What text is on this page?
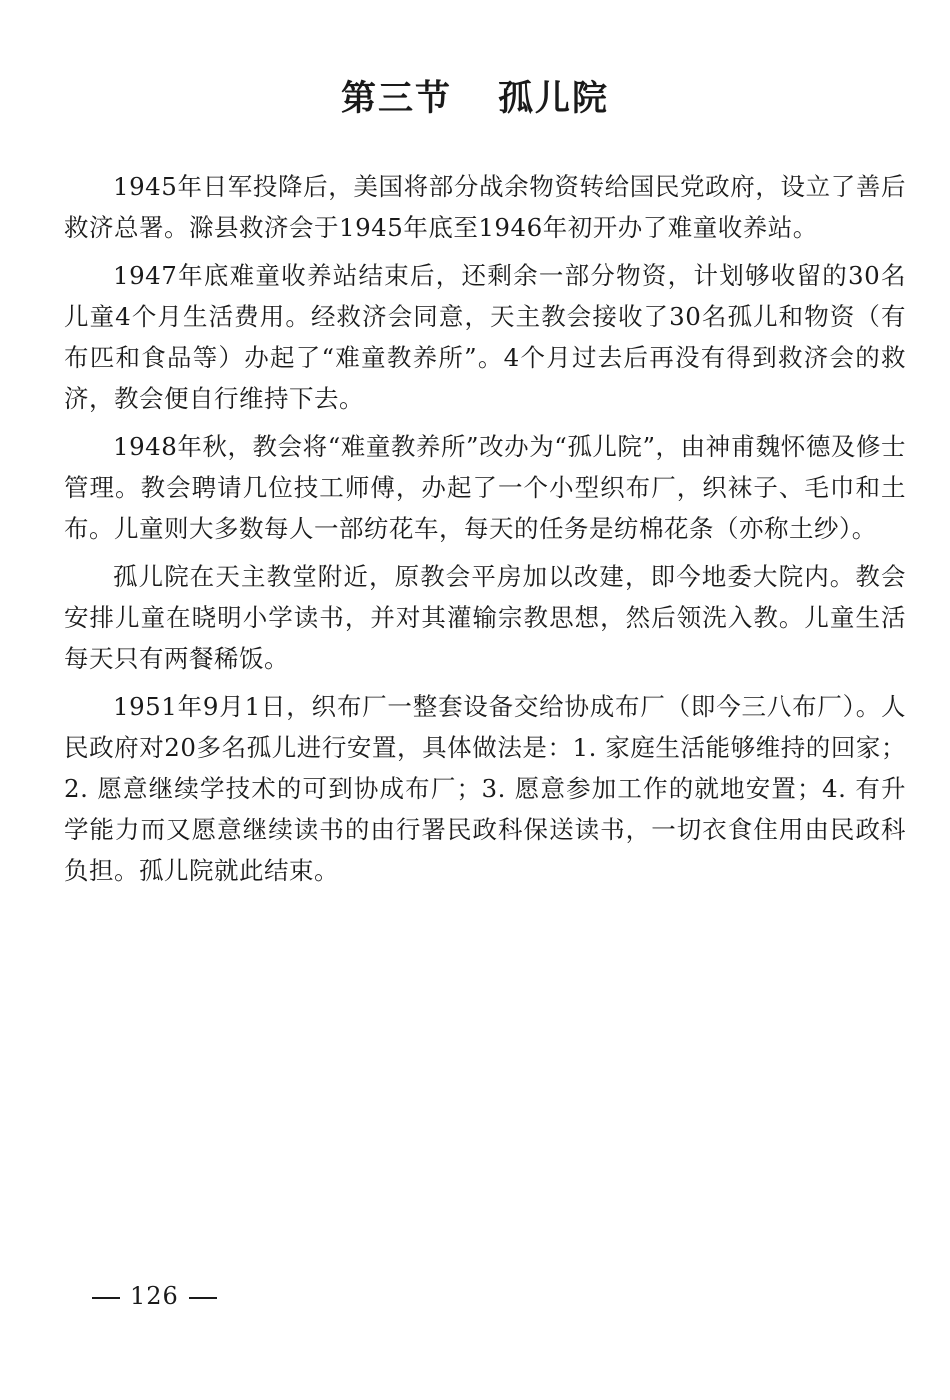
第三节 孤儿院

1945年日军投降后，美国将部分战余物资转给国民党政府，设立了善后救济总署。滁县救济会于1945年底至1946年初开办了难童收养站。

1947年底难童收养站结束后，还剩余一部分物资，计划够收留的30名儿童4个月生活费用。经救济会同意，天主教会接收了30名孤儿和物资（有布匹和食品等）办起了“难童教养所”。4个月过去后再没有得到救济会的救济，教会便自行维持下去。

1948年秋，教会将“难童教养所”改办为“孤儿院”，由神甫魏怀德及修士管理。教会聘请几位技工师傅，办起了一个小型织布厂，织袜子、毛巾和土布。儿童则大多数每人一部纺花车，每天的任务是纺棉花条（亦称土纱）。

孤儿院在天主教堂附近，原教会平房加以改建，即今地委大院内。教会安排儿童在晓明小学读书，并对其灌输宗教思想，然后领洗入教。儿童生活每天只有两餐稀饭。

1951年9月1日，织布厂一整套设备交给协成布厂（即今三八布厂）。人民政府对20多名孤儿进行安置，具体做法是：1. 家庭生活能够维持的回家；2. 愿意继续学技术的可到协成布厂；3. 愿意参加工作的就地安置；4. 有升学能力而又愿意继续读书的由行署民政科保送读书，一切衣食住用由民政科负担。孤儿院就此结束。

126
